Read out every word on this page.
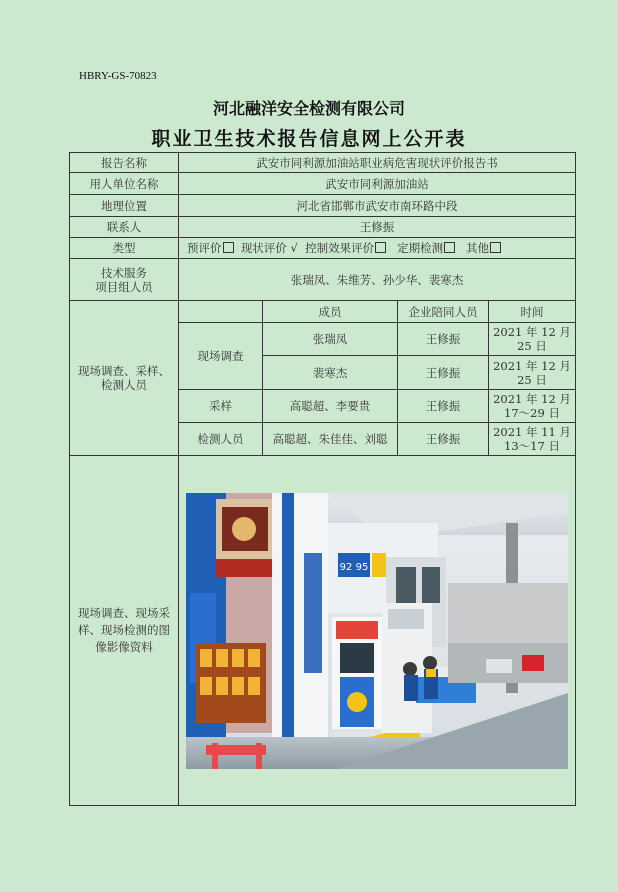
HBRY-GS-70823
河北融洋安全检测有限公司
职业卫生技术报告信息网上公开表
报告名称	武安市同利源加油站职业病危害现状评价报告书			
用人单位名称	武安市同利源加油站			
地理位置	河北省邯郸市武安市南环路中段			
联系人	王修振			
类型	预评价 现状评价 √ 控制效果评价 定期检测 其他			
技术服务
项目组人员	张瑞凤、朱维芳、孙少华、裴寒杰			
现场调查、采样、检测人员		成员	企业陪同人员	时间
	现场调查	张瑞凤	王修振	2021 年 12 月
25 日
		裴寒杰	王修振	2021 年 12 月
25 日
	采样	高聪超、李要贵	王修振	2021 年 12 月
17～29 日
	检测人员	高聪超、朱佳佳、刘聪	王修振	2021 年 11 月
13～17 日
现场调查、现场采样、现场检测的图像影像资料	92 95			
